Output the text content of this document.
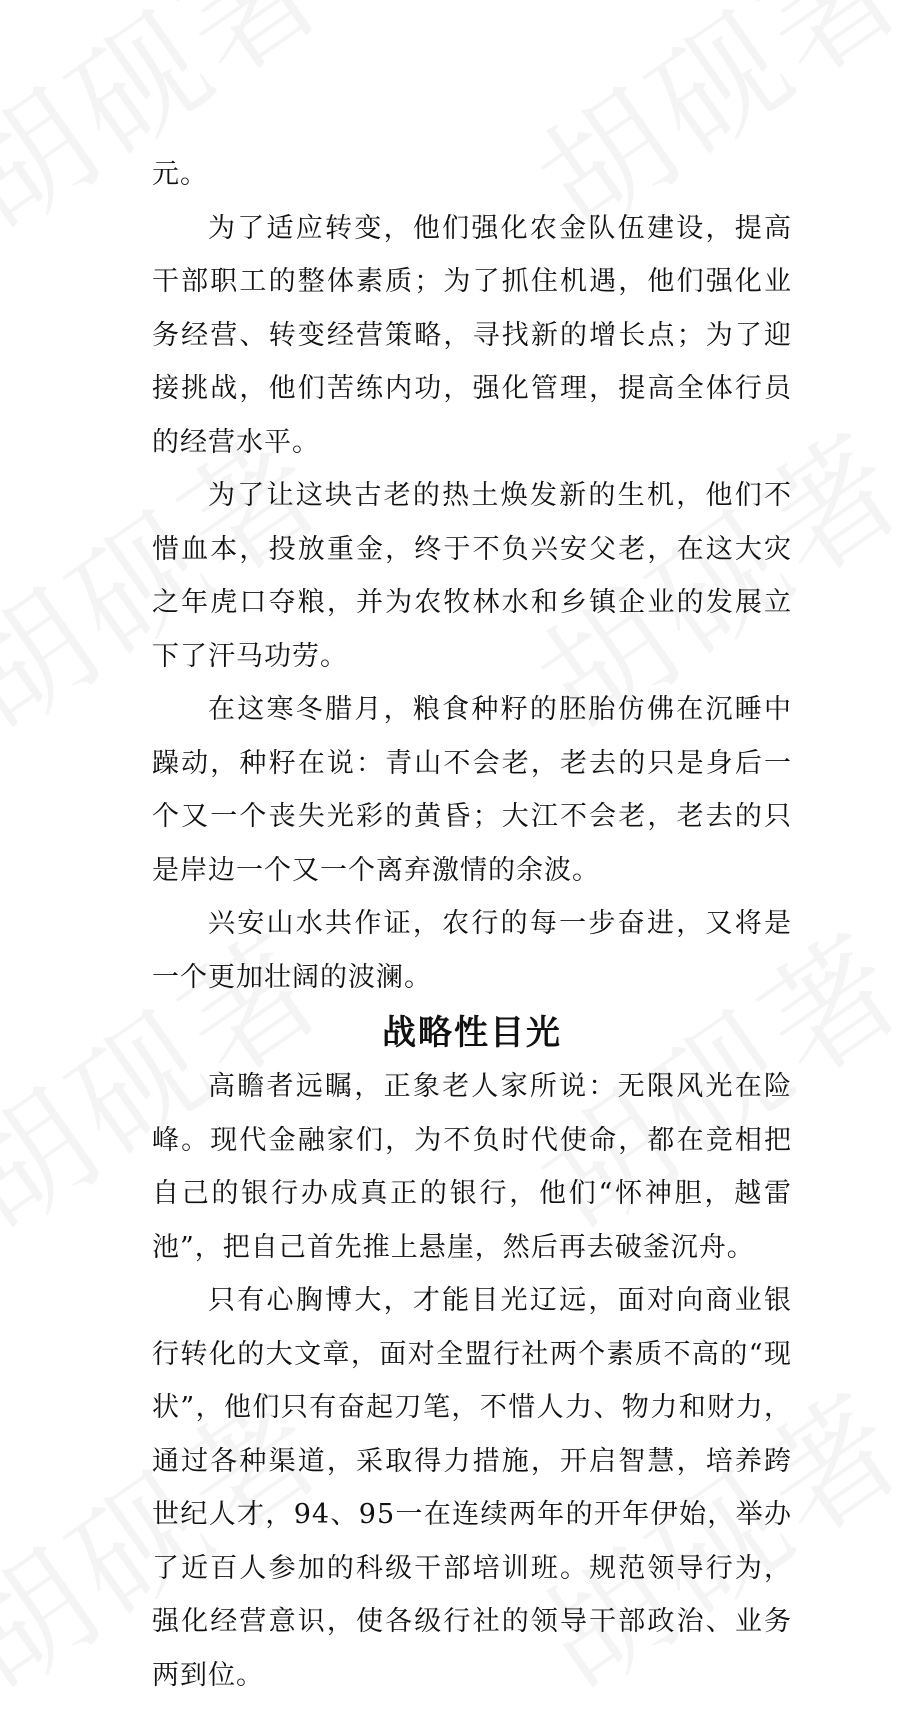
元。

为了适应转变，他们强化农金队伍建设，提高干部职工的整体素质；为了抓住机遇，他们强化业务经营、转变经营策略，寻找新的增长点；为了迎接挑战，他们苦练内功，强化管理，提高全体行员的经营水平。

为了让这块古老的热土焕发新的生机，他们不惜血本，投放重金，终于不负兴安父老，在这大灾之年虎口夺粮，并为农牧林水和乡镇企业的发展立下了汗马功劳。

在这寒冬腊月，粮食种籽的胚胎仿佛在沉睡中躁动，种籽在说：青山不会老，老去的只是身后一个又一个丧失光彩的黄昏；大江不会老，老去的只是岸边一个又一个离弃激情的余波。

兴安山水共作证，农行的每一步奋进，又将是一个更加壮阔的波澜。

战略性目光

高瞻者远瞩，正象老人家所说：无限风光在险峰。现代金融家们，为不负时代使命，都在竞相把自己的银行办成真正的银行，他们“怀神胆，越雷池”，把自己首先推上悬崖，然后再去破釜沉舟。

只有心胸博大，才能目光辽远，面对向商业银行转化的大文章，面对全盟行社两个素质不高的“现状”，他们只有奋起刀笔，不惜人力、物力和财力，通过各种渠道，采取得力措施，开启智慧，培养跨世纪人才，94、95一在连续两年的开年伊始，举办了近百人参加的科级干部培训班。规范领导行为，强化经营意识，使各级行社的领导干部政治、业务两到位。
